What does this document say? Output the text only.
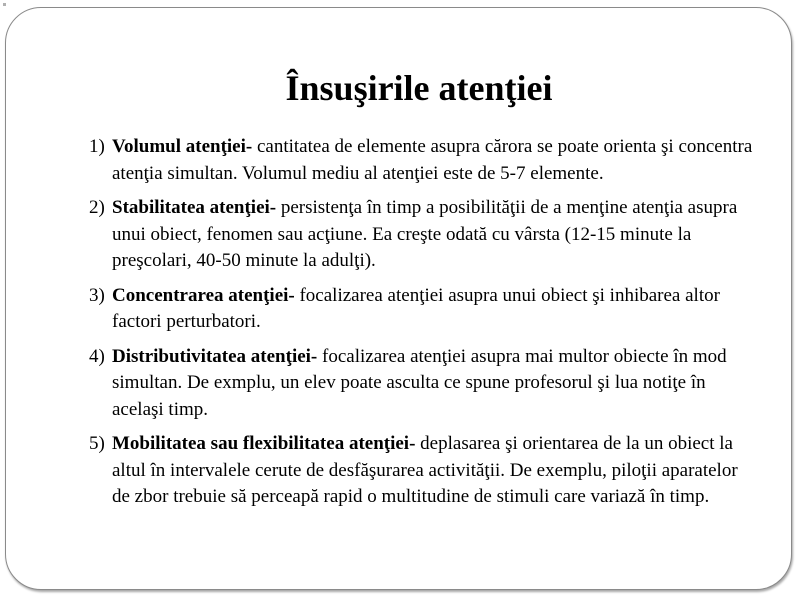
Însuşirile atenţiei
1) Volumul atenţiei- cantitatea de elemente asupra cărora se poate orienta şi concentra atenţia simultan. Volumul mediu al atenţiei este de 5-7 elemente.
2) Stabilitatea atenţiei- persistenţa în timp a posibilităţii de a menţine atenţia asupra unui obiect, fenomen sau acţiune. Ea creşte odată cu vârsta (12-15 minute la preşcolari, 40-50 minute la adulţi).
3) Concentrarea atenţiei- focalizarea atenţiei asupra unui obiect şi inhibarea altor factori perturbatori.
4) Distributivitatea atenţiei- focalizarea atenţiei asupra mai multor obiecte în mod simultan. De exmplu, un elev poate asculta ce spune profesorul şi lua notiţe în acelaşi timp.
5) Mobilitatea sau flexibilitatea atenţiei- deplasarea şi orientarea de la un obiect la altul în intervalele cerute de desfăşurarea activităţii. De exemplu, piloţii aparatelor de zbor trebuie să perceapă rapid o multitudine de stimuli care variază în timp.
